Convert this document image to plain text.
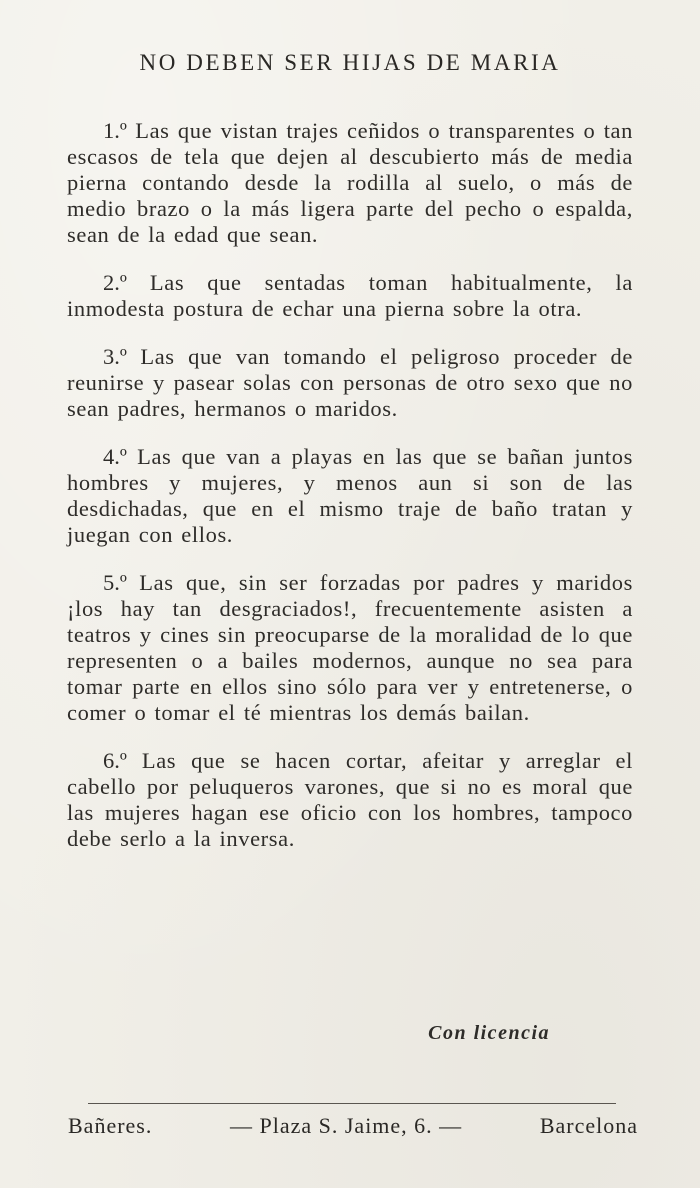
NO DEBEN SER HIJAS DE MARIA

1.º Las que vistan trajes ceñidos o transparentes o tan escasos de tela que dejen al descubierto más de media pierna contando desde la rodilla al suelo, o más de medio brazo o la más ligera parte del pecho o espalda, sean de la edad que sean.

2.º Las que sentadas toman habitualmente, la inmodesta postura de echar una pierna sobre la otra.

3.º Las que van tomando el peligroso proceder de reunirse y pasear solas con personas de otro sexo que no sean padres, hermanos o maridos.

4.º Las que van a playas en las que se bañan juntos hombres y mujeres, y menos aun si son de las desdichadas, que en el mismo traje de baño tratan y juegan con ellos.

5.º Las que, sin ser forzadas por padres y maridos ¡los hay tan desgraciados!, frecuentemente asisten a teatros y cines sin preocuparse de la moralidad de lo que representen o a bailes modernos, aunque no sea para tomar parte en ellos sino sólo para ver y entretenerse, o comer o tomar el té mientras los demás bailan.

6.º Las que se hacen cortar, afeitar y arreglar el cabello por peluqueros varones, que si no es moral que las mujeres hagan ese oficio con los hombres, tampoco debe serlo a la inversa.

Con licencia
Bañeres.	— Plaza S. Jaime, 6. —	Barcelona
